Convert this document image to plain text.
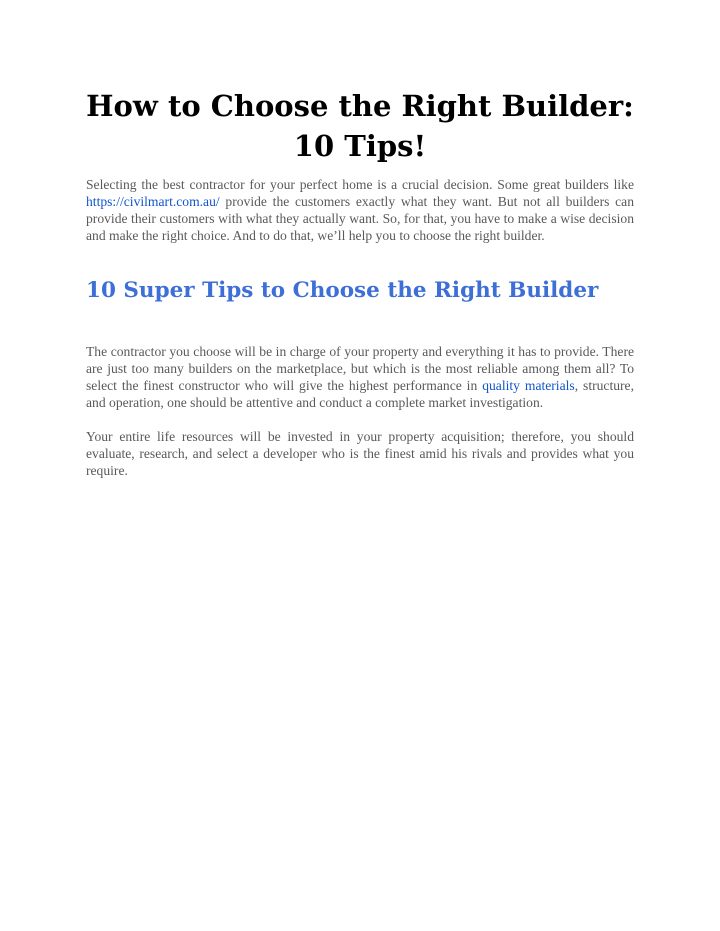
How to Choose the Right Builder:
10 Tips!

Selecting the best contractor for your perfect home is a crucial decision. Some great builders like https://civilmart.com.au/ provide the customers exactly what they want. But not all builders can provide their customers with what they actually want. So, for that, you have to make a wise decision and make the right choice. And to do that, we’ll help you to choose the right builder.

10 Super Tips to Choose the Right Builder

The contractor you choose will be in charge of your property and everything it has to provide. There are just too many builders on the marketplace, but which is the most reliable among them all? To select the finest constructor who will give the highest performance in quality materials, structure, and operation, one should be attentive and conduct a complete market investigation.

Your entire life resources will be invested in your property acquisition; therefore, you should evaluate, research, and select a developer who is the finest amid his rivals and provides what you require.
